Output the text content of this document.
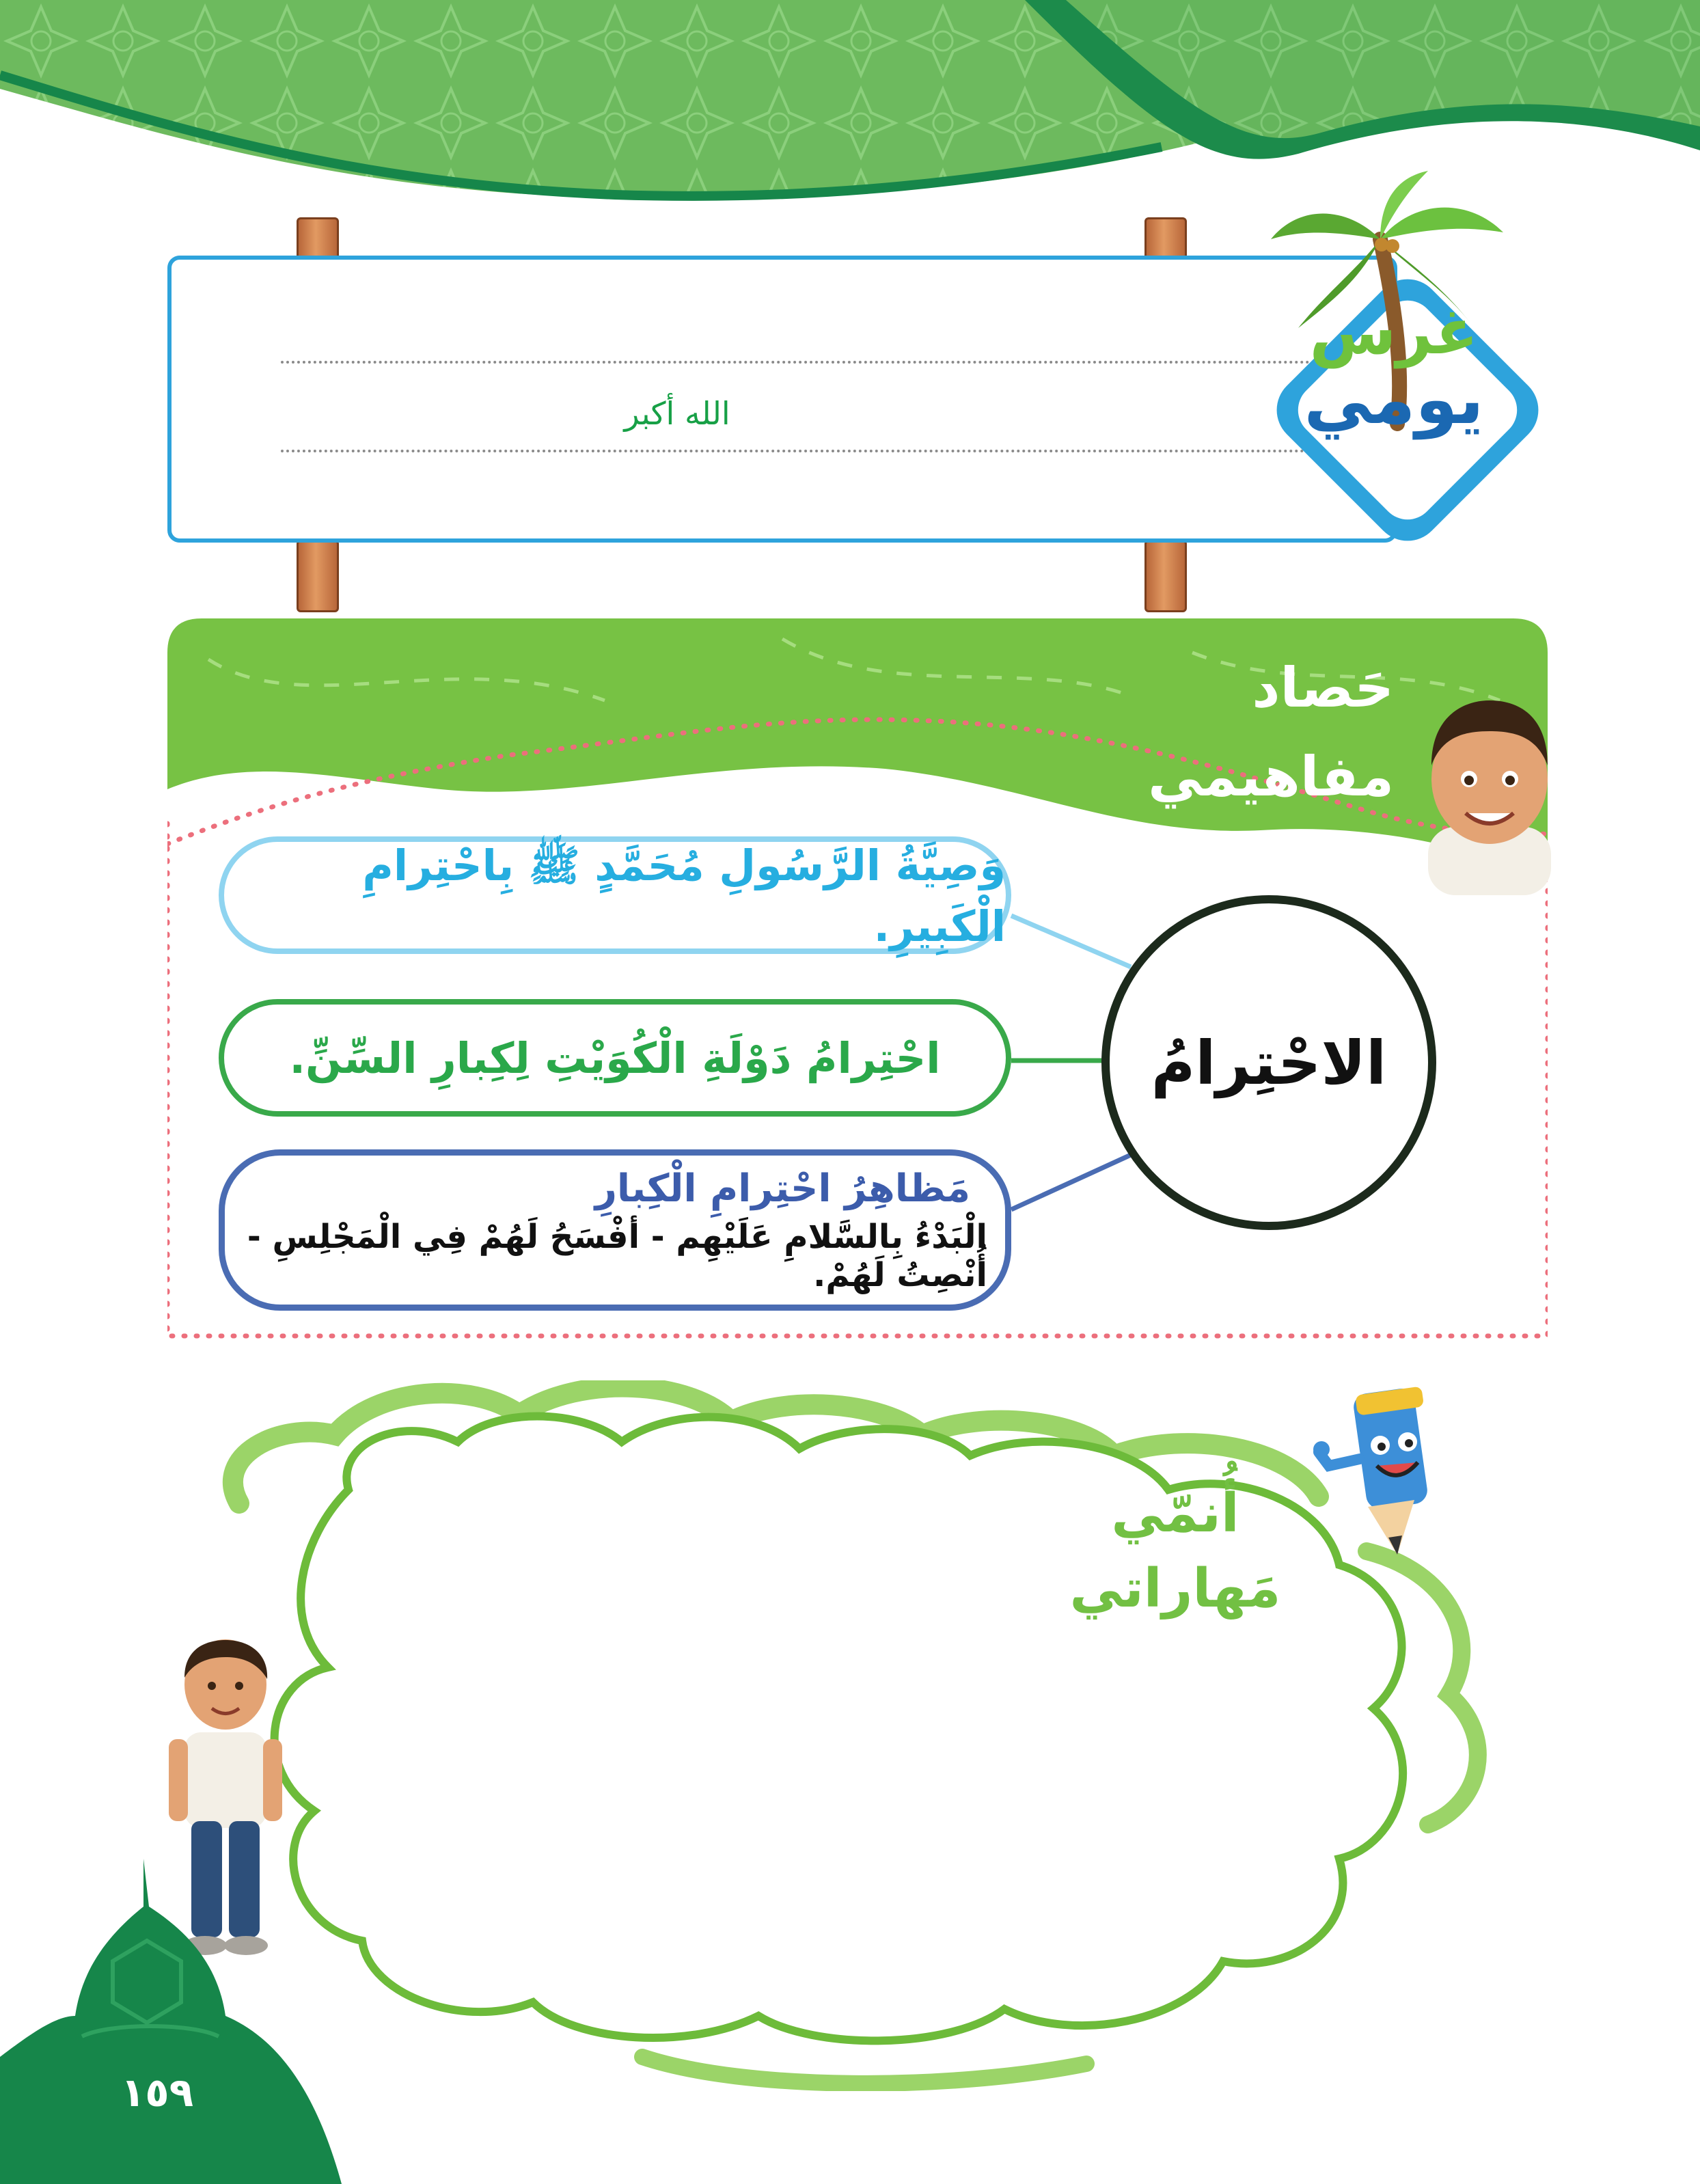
الله أكبر
غرس
يومي
حَصاد
مفاهيمي
وَصِيَّةُ الرَّسُولِ مُحَمَّدٍ ﷺ بِاحْتِرامِ الْكَبِيرِ.
احْتِرامُ دَوْلَةِ الْكُوَيْتِ لِكِبارِ السِّنِّ.
مَظاهِرُ احْتِرامِ الْكِبارِ
الْبَدْءُ بِالسَّلامِ عَلَيْهِم - أفْسَحُ لَهُمْ فِي الْمَجْلِسِ - أُنْصِتُ لَهُمْ.
الاحْتِرامُ
أُنمّي
مَهاراتي
١٥٩
